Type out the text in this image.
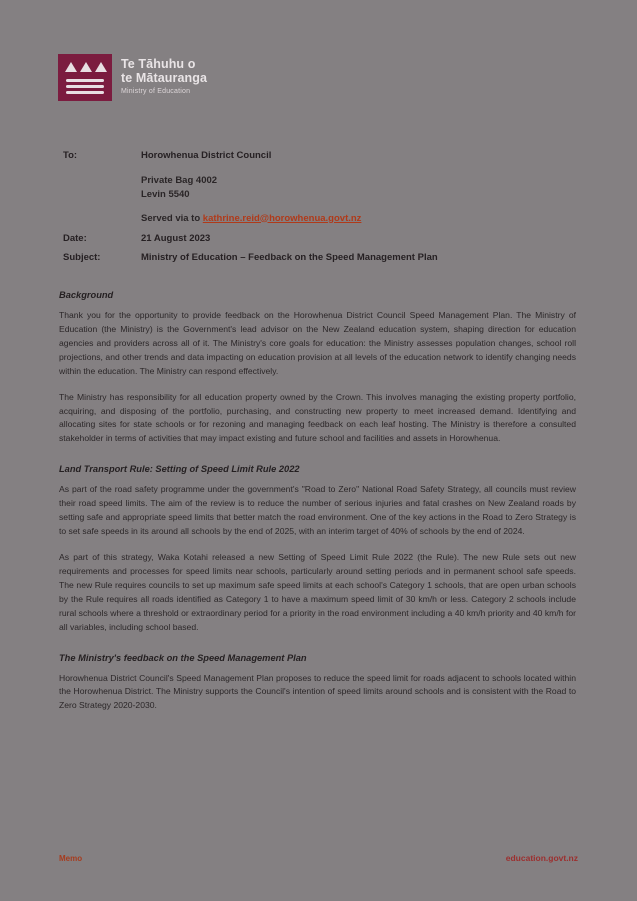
Te Tāhuhu o
te Mātauranga
Ministry of Education
To:	Horowhenua District Council
Private Bag 4002
Levin 5540
Served via to kathrine.reid@horowhenua.govt.nz
Date:	21 August 2023
Subject:	Ministry of Education – Feedback on the Speed Management Plan
Background

Thank you for the opportunity to provide feedback on the Horowhenua District Council Speed Management Plan. The Ministry of Education (the Ministry) is the Government's lead advisor on the New Zealand education system, shaping direction for education agencies and providers across all of it. The Ministry's core goals for education: the Ministry assesses population changes, school roll projections, and other trends and data impacting on education provision at all levels of the education network to identify changing needs within the education. The Ministry can respond effectively.

The Ministry has responsibility for all education property owned by the Crown. This involves managing the existing property portfolio, acquiring, and disposing of the portfolio, purchasing, and constructing new property to meet increased demand. Identifying and allocating sites for state schools or for rezoning and managing feedback on each leaf hosting. The Ministry is therefore a consulted stakeholder in terms of activities that may impact existing and future school and facilities and assets in Horowhenua.

Land Transport Rule: Setting of Speed Limit Rule 2022

As part of the road safety programme under the government's "Road to Zero" National Road Safety Strategy, all councils must review their road speed limits. The aim of the review is to reduce the number of serious injuries and fatal crashes on New Zealand roads by setting safe and appropriate speed limits that better match the road environment. One of the key actions in the Road to Zero Strategy is to set safe speeds in its around all schools by the end of 2025, with an interim target of 40% of schools by the end of 2024.

As part of this strategy, Waka Kotahi released a new Setting of Speed Limit Rule 2022 (the Rule). The new Rule sets out new requirements and processes for speed limits near schools, particularly around setting periods and in permanent school safe speeds. The new Rule requires councils to set up maximum safe speed limits at each school's Category 1 schools, that are open urban schools by the Rule requires all roads identified as Category 1 to have a maximum speed limit of 30 km/h or less. Category 2 schools include rural schools where a threshold or extraordinary period for a priority in the road environment including a 40 km/h priority and 40 km/h for all variables, including school based.

The Ministry's feedback on the Speed Management Plan

Horowhenua District Council's Speed Management Plan proposes to reduce the speed limit for roads adjacent to schools located within the Horowhenua District. The Ministry supports the Council's intention of speed limits around schools and is consistent with the Road to Zero Strategy 2020-2030.

Memo	education.govt.nz
